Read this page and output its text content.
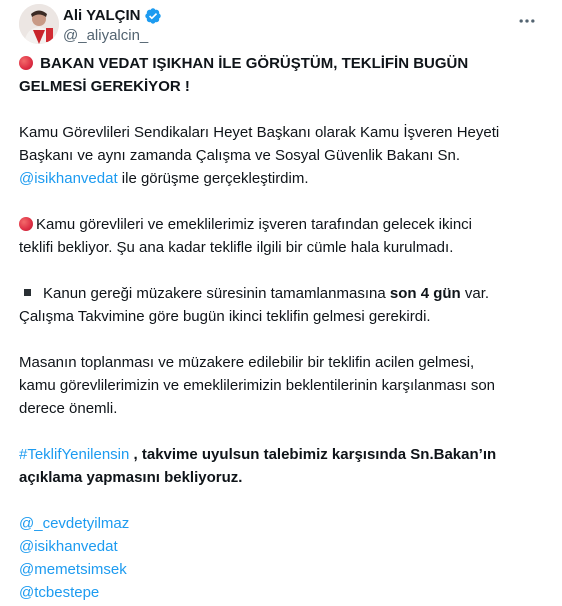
Ali YALÇIN
@_aliyalcin_

BAKAN VEDAT IŞIKHAN İLE GÖRÜŞTÜM, TEKLİFİN BUGÜN
GELMESİ GEREKİYOR !

Kamu Görevlileri Sendikaları Heyet Başkanı olarak Kamu İşveren Heyeti
Başkanı ve aynı zamanda Çalışma ve Sosyal Güvenlik Bakanı Sn.
@isikhanvedat ile görüşme gerçekleştirdim.

Kamu görevlileri ve emeklilerimiz işveren tarafından gelecek ikinci
teklifi bekliyor. Şu ana kadar teklifle ilgili bir cümle hala kurulmadı.

Kanun gereği müzakere süresinin tamamlanmasına son 4 gün var.
Çalışma Takvimine göre bugün ikinci teklifin gelmesi gerekirdi.

Masanın toplanması ve müzakere edilebilir bir teklifin acilen gelmesi,
kamu görevlilerimizin ve emeklilerimizin beklentilerinin karşılanması son
derece önemli.

#TeklifYenilensin , takvime uyulsun talebimiz karşısında Sn.Bakan’ın
açıklama yapmasını bekliyoruz.

@_cevdetyilmaz
@isikhanvedat
@memetsimsek
@tcbestepe
